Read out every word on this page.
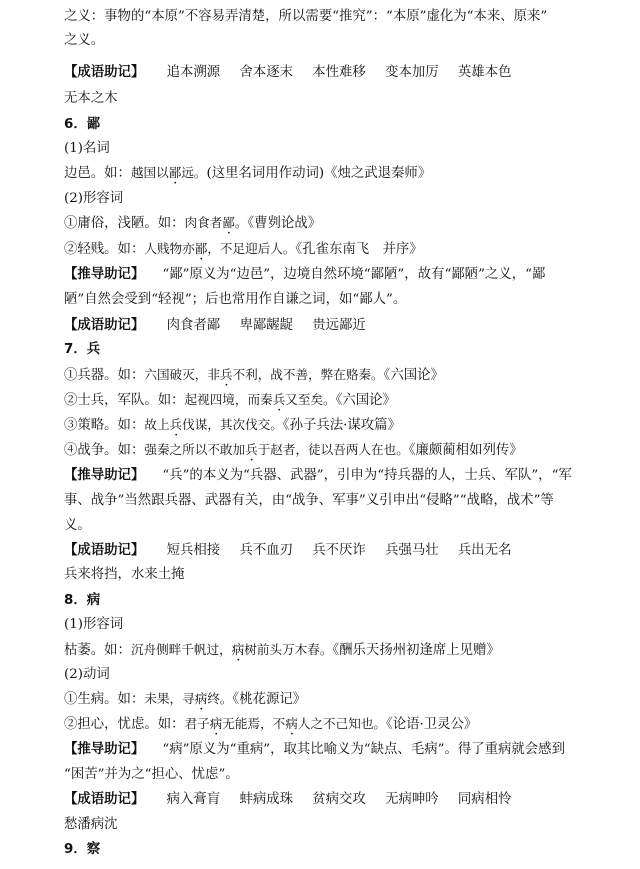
之义：事物的“本原”不容易弄清楚，所以需要“推究”：“本原”虚化为“本来、原来”
之义。
【成语助记】 追本溯源 舍本逐末 本性难移 变本加厉 英雄本色
无本之木
6．鄙
(1)名词
边邑。如：越国以鄙远。(这里名词用作动词)《烛之武退秦师》
(2)形容词
①庸俗，浅陋。如：肉食者鄙。《曹刿论战》
②轻贱。如：人贱物亦鄙，不足迎后人。《孔雀东南飞　并序》
【推导助记】 “鄙”原义为“边邑”，边境自然环境“鄙陋”，故有“鄙陋”之义，“鄙
陋”自然会受到“轻视”；后也常用作自谦之词，如“鄙人”。
【成语助记】 肉食者鄙 卑鄙龌龊 贵远鄙近
7．兵
①兵器。如：六国破灭，非兵不利，战不善，弊在赂秦。《六国论》
②士兵，军队。如：起视四境，而秦兵又至矣。《六国论》
③策略。如：故上兵伐谋，其次伐交。《孙子兵法·谋攻篇》
④战争。如：强秦之所以不敢加兵于赵者，徒以吾两人在也。《廉颇蔺相如列传》
【推导助记】 “兵”的本义为“兵器、武器”，引申为“持兵器的人，士兵、军队”，“军
事、战争”当然跟兵器、武器有关，由“战争、军事”义引申出“侵略”“战略，战术”等
义。
【成语助记】 短兵相接 兵不血刃 兵不厌诈 兵强马壮 兵出无名
兵来将挡，水来土掩
8．病
(1)形容词
枯萎。如：沉舟侧畔千帆过，病树前头万木春。《酬乐天扬州初逢席上见赠》
(2)动词
①生病。如：未果，寻病终。《桃花源记》
②担心，忧虑。如：君子病无能焉，不病人之不己知也。《论语·卫灵公》
【推导助记】 “病”原义为“重病”，取其比喻义为“缺点、毛病”。得了重病就会感到
“困苦”并为之“担心、忧虑”。
【成语助记】 病入膏肓 蚌病成珠 贫病交攻 无病呻吟 同病相怜
愁潘病沈
9．察
